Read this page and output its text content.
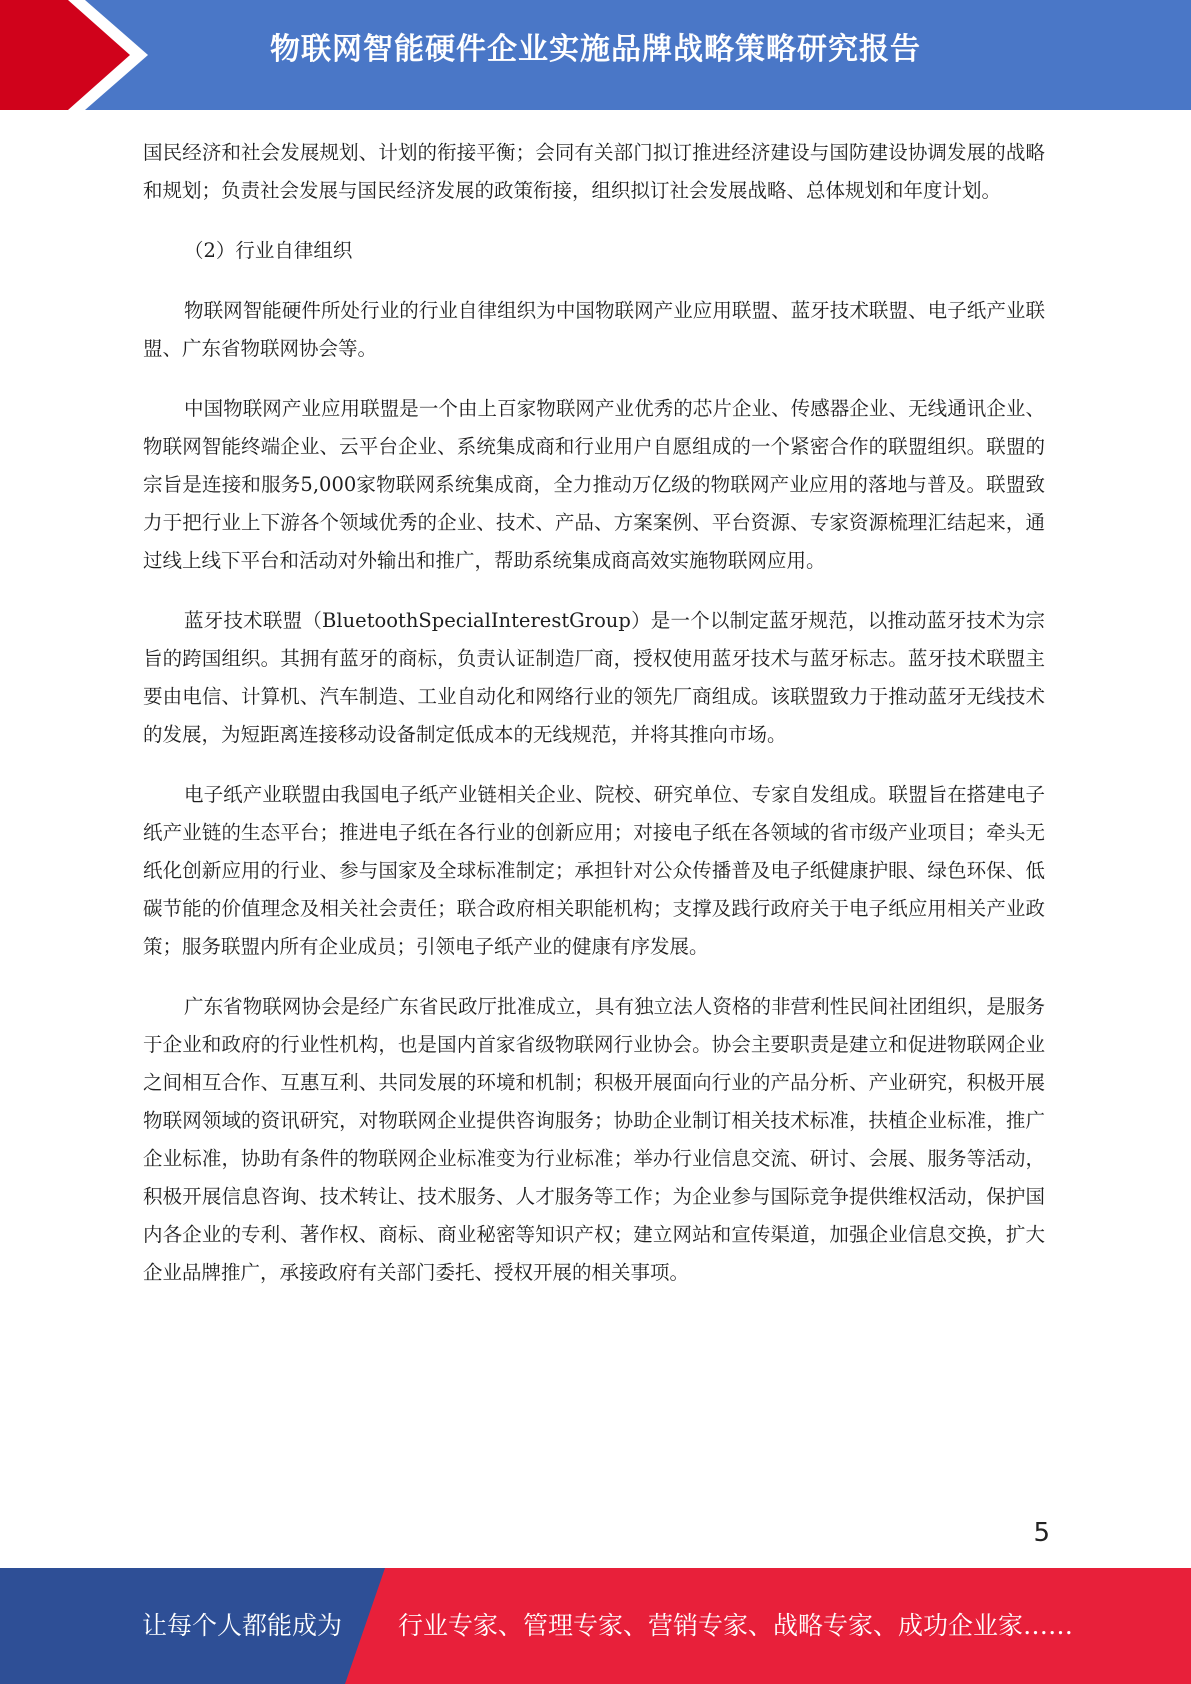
物联网智能硬件企业实施品牌战略策略研究报告

国民经济和社会发展规划、计划的衔接平衡；会同有关部门拟订推进经济建设与国防建设协调发展的战略和规划；负责社会发展与国民经济发展的政策衔接，组织拟订社会发展战略、总体规划和年度计划。

（2）行业自律组织

物联网智能硬件所处行业的行业自律组织为中国物联网产业应用联盟、蓝牙技术联盟、电子纸产业联盟、广东省物联网协会等。

中国物联网产业应用联盟是一个由上百家物联网产业优秀的芯片企业、传感器企业、无线通讯企业、物联网智能终端企业、云平台企业、系统集成商和行业用户自愿组成的一个紧密合作的联盟组织。联盟的宗旨是连接和服务5,000家物联网系统集成商，全力推动万亿级的物联网产业应用的落地与普及。联盟致力于把行业上下游各个领域优秀的企业、技术、产品、方案案例、平台资源、专家资源梳理汇结起来，通过线上线下平台和活动对外输出和推广，帮助系统集成商高效实施物联网应用。

蓝牙技术联盟（BluetoothSpecialInterestGroup）是一个以制定蓝牙规范，以推动蓝牙技术为宗旨的跨国组织。其拥有蓝牙的商标，负责认证制造厂商，授权使用蓝牙技术与蓝牙标志。蓝牙技术联盟主要由电信、计算机、汽车制造、工业自动化和网络行业的领先厂商组成。该联盟致力于推动蓝牙无线技术的发展，为短距离连接移动设备制定低成本的无线规范，并将其推向市场。

电子纸产业联盟由我国电子纸产业链相关企业、院校、研究单位、专家自发组成。联盟旨在搭建电子纸产业链的生态平台；推进电子纸在各行业的创新应用；对接电子纸在各领域的省市级产业项目；牵头无纸化创新应用的行业、参与国家及全球标准制定；承担针对公众传播普及电子纸健康护眼、绿色环保、低碳节能的价值理念及相关社会责任；联合政府相关职能机构；支撑及践行政府关于电子纸应用相关产业政策；服务联盟内所有企业成员；引领电子纸产业的健康有序发展。

广东省物联网协会是经广东省民政厅批准成立，具有独立法人资格的非营利性民间社团组织，是服务于企业和政府的行业性机构，也是国内首家省级物联网行业协会。协会主要职责是建立和促进物联网企业之间相互合作、互惠互利、共同发展的环境和机制；积极开展面向行业的产品分析、产业研究，积极开展物联网领域的资讯研究，对物联网企业提供咨询服务；协助企业制订相关技术标准，扶植企业标准，推广企业标准，协助有条件的物联网企业标准变为行业标准；举办行业信息交流、研讨、会展、服务等活动，积极开展信息咨询、技术转让、技术服务、人才服务等工作；为企业参与国际竞争提供维权活动，保护国内各企业的专利、著作权、商标、商业秘密等知识产权；建立网站和宣传渠道，加强企业信息交换，扩大企业品牌推广，承接政府有关部门委托、授权开展的相关事项。

5
让每个人都能成为 行业专家、管理专家、营销专家、战略专家、成功企业家……
